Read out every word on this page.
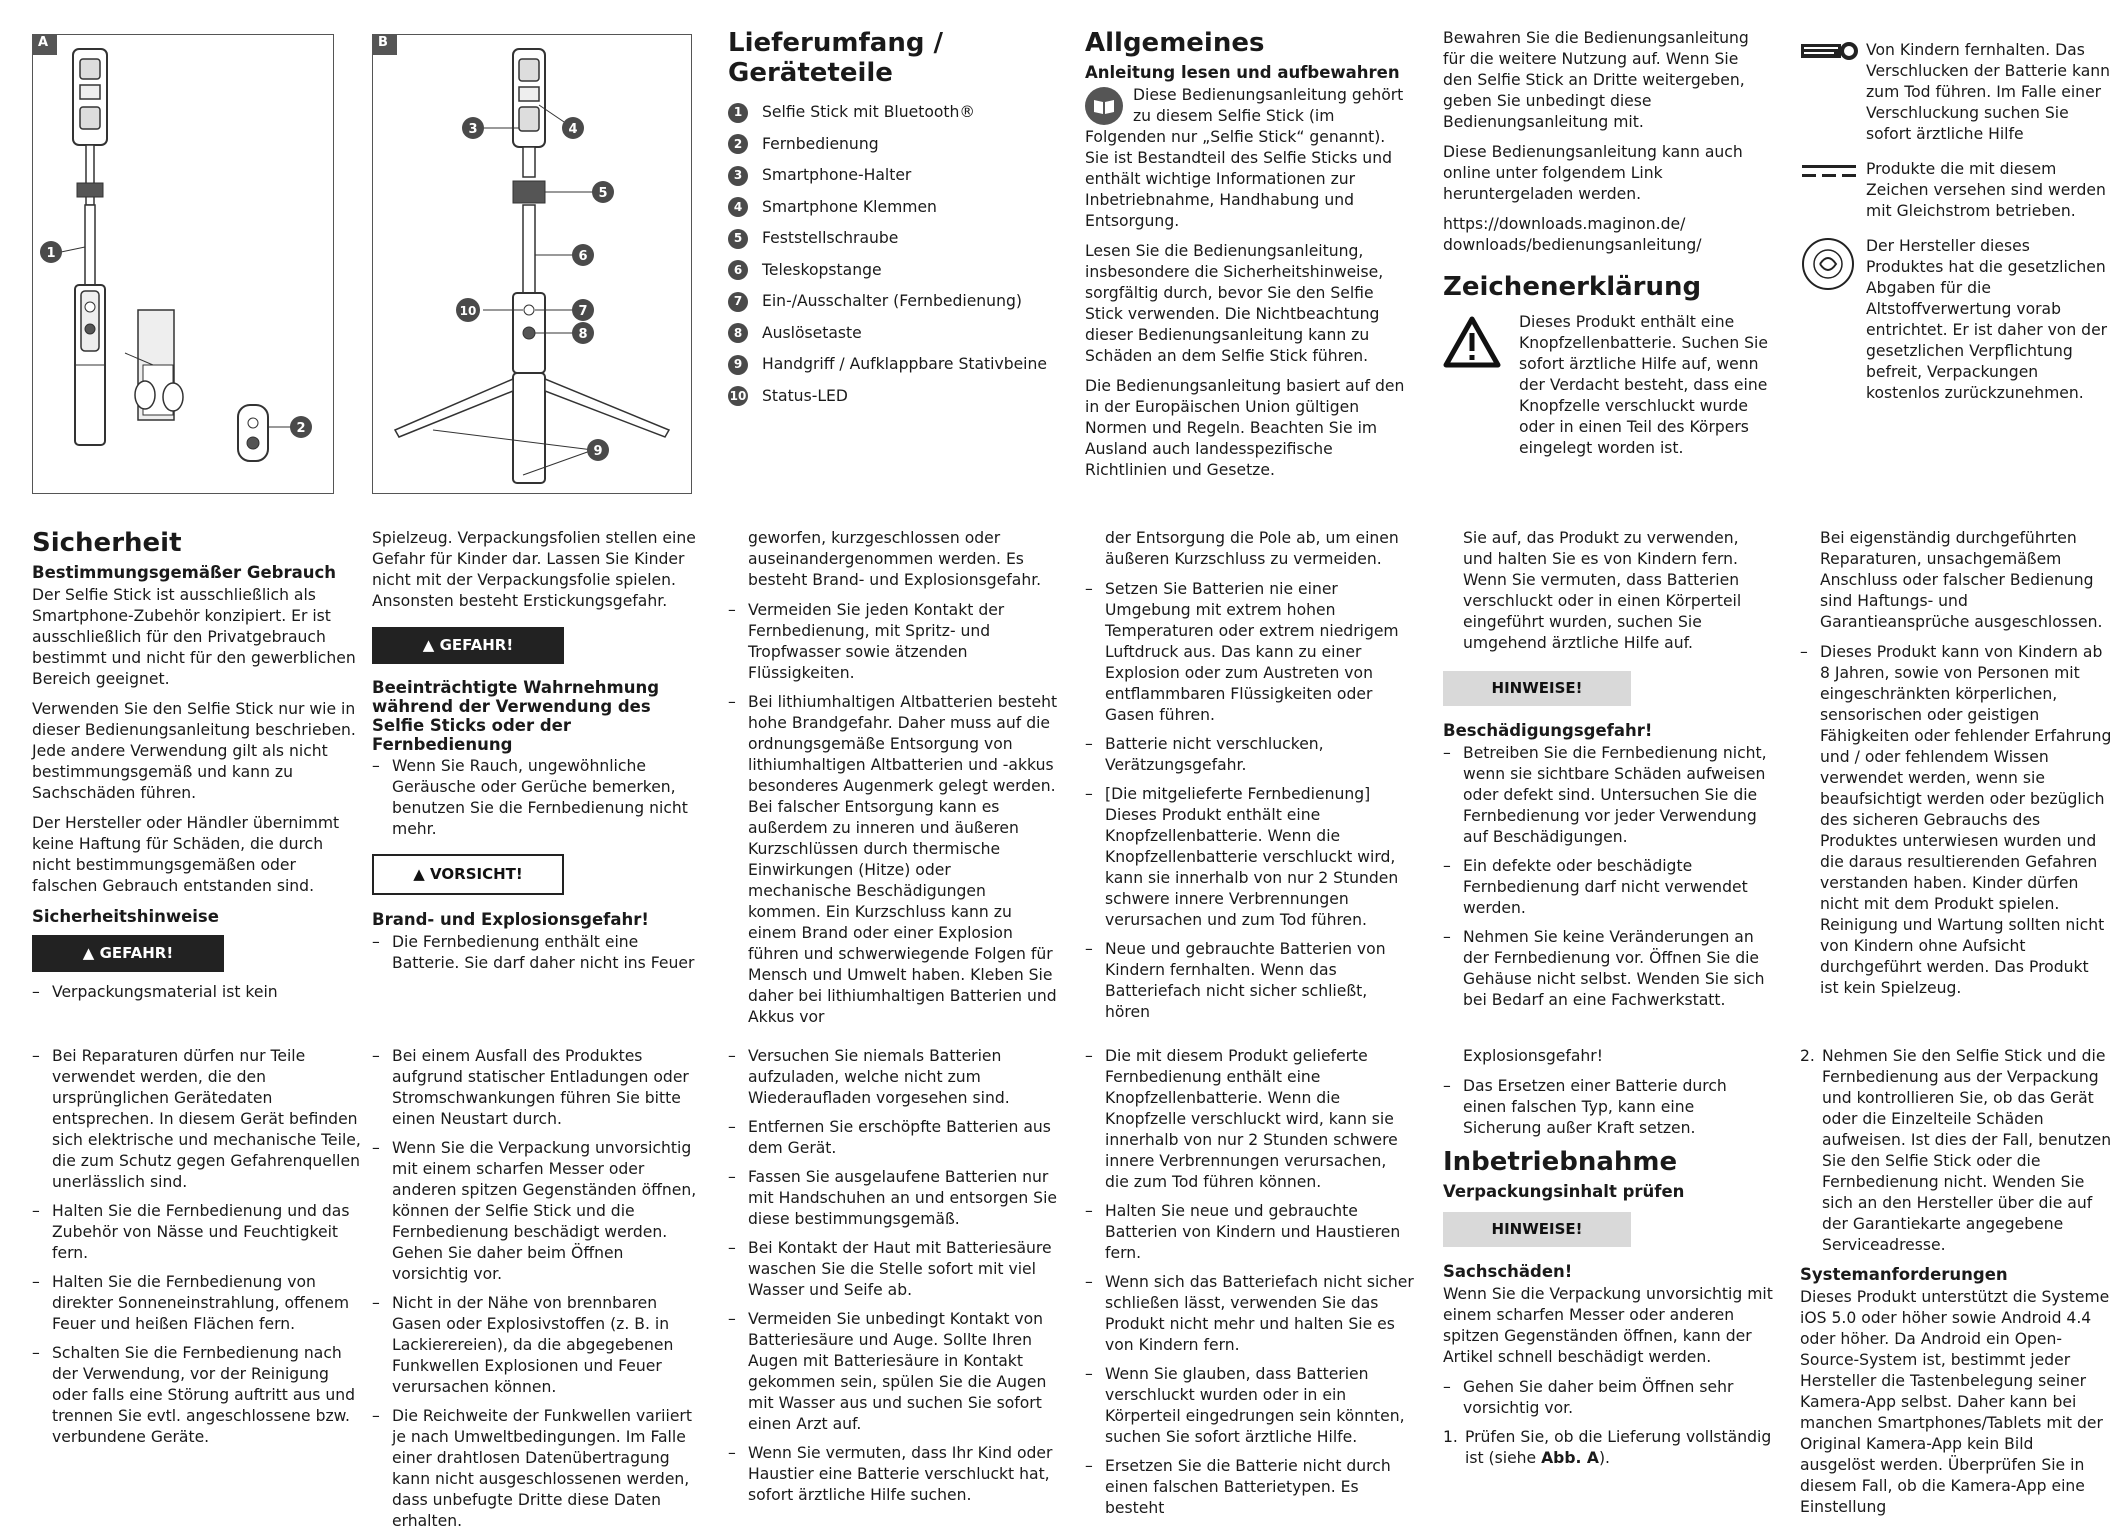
A
1
2
B
3	4
5
6
7
8
9
10
Lieferumfang / Geräteteile
1	Selfie Stick mit Bluetooth®
2	Fernbedienung
3	Smartphone-Halter
4	Smartphone Klemmen
5	Feststellschraube
6	Teleskopstange
7	Ein-/Ausschalter (Fernbedienung)
8	Auslösetaste
9	Handgriff / Aufklappbare Stativbeine
10 Status-LED
Allgemeines
Anleitung lesen und aufbewahren

Diese Bedienungsanleitung gehört zu diesem Selfie Stick (im Folgenden nur „Selfie Stick“ genannt). Sie ist Bestandteil des Selfie Sticks und enthält wichtige Informationen zur Inbetriebnahme, Handhabung und Entsorgung.

Lesen Sie die Bedienungsanleitung, insbesondere die Sicherheitshinweise, sorgfältig durch, bevor Sie den Selfie Stick verwenden. Die Nichtbeachtung dieser Bedienungsanleitung kann zu Schäden an dem Selfie Stick führen.

Die Bedienungsanleitung basiert auf den in der Europäischen Union gültigen Normen und Regeln. Beachten Sie im Ausland auch landesspezifische Richtlinien und Gesetze.

Bewahren Sie die Bedienungsanleitung für die weitere Nutzung auf. Wenn Sie den Selfie Stick an Dritte weitergeben, geben Sie unbedingt diese Bedienungsanleitung mit.

Diese Bedienungsanleitung kann auch online unter folgendem Link heruntergeladen werden.

https://downloads.maginon.de/ downloads/bedienungsanleitung/

Zeichenerklärung
Dieses Produkt enthält eine Knopfzellenbatterie. Suchen Sie sofort ärztliche Hilfe auf, wenn der Verdacht besteht, dass eine Knopfzelle verschluckt wurde oder in einen Teil des Körpers eingelegt worden ist.
Von Kindern fernhalten. Das Verschlucken der Batterie kann zum Tod führen. Im Falle einer Verschluckung suchen Sie sofort ärztliche Hilfe
Produkte die mit diesem Zeichen versehen sind werden mit Gleichstrom betrieben.
Der Hersteller dieses Produktes hat die gesetzlichen Abgaben für die Altstoffverwertung vorab entrichtet. Er ist daher von der gesetzlichen Verpflichtung befreit, Verpackungen kostenlos zurückzunehmen.
Sicherheit
Bestimmungsgemäßer Gebrauch

Der Selfie Stick ist ausschließlich als Smartphone-Zubehör konzipiert. Er ist ausschließlich für den Privatgebrauch bestimmt und nicht für den gewerblichen Bereich geeignet.

Verwenden Sie den Selfie Stick nur wie in dieser Bedienungsanleitung beschrieben. Jede andere Verwendung gilt als nicht bestimmungsgemäß und kann zu Sachschäden führen.

Der Hersteller oder Händler übernimmt keine Haftung für Schäden, die durch nicht bestimmungsgemäßen oder falschen Gebrauch entstanden sind.

Sicherheitshinweise
▲ GEFAHR!
– Verpackungsmaterial ist kein

Spielzeug. Verpackungsfolien stellen eine Gefahr für Kinder dar. Lassen Sie Kinder nicht mit der Verpackungsfolie spielen. Ansonsten besteht Erstickungsgefahr.

▲ GEFAHR!
Beeinträchtigte Wahrnehmung während der Verwendung des Selfie Sticks oder der Fernbedienung
– Wenn Sie Rauch, ungewöhnliche Geräusche oder Gerüche bemerken, benutzen Sie die Fernbedienung nicht mehr.
▲ VORSICHT!
Brand- und Explosionsgefahr!
– Die Fernbedienung enthält eine Batterie. Sie darf daher nicht ins Feuer

geworfen, kurzgeschlossen oder auseinandergenommen werden. Es besteht Brand- und Explosionsgefahr.

– Vermeiden Sie jeden Kontakt der Fernbedienung, mit Spritz- und Tropfwasser sowie ätzenden Flüssigkeiten.
– Bei lithiumhaltigen Altbatterien besteht hohe Brandgefahr. Daher muss auf die ordnungsgemäße Entsorgung von lithiumhaltigen Altbatterien und -akkus besonderes Augenmerk gelegt werden. Bei falscher Entsorgung kann es außerdem zu inneren und äußeren Kurzschlüssen durch thermische Einwirkungen (Hitze) oder mechanische Beschädigungen kommen. Ein Kurzschluss kann zu einem Brand oder einer Explosion führen und schwerwiegende Folgen für Mensch und Umwelt haben. Kleben Sie daher bei lithiumhaltigen Batterien und Akkus vor

der Entsorgung die Pole ab, um einen äußeren Kurzschluss zu vermeiden.

– Setzen Sie Batterien nie einer Umgebung mit extrem hohen Temperaturen oder extrem niedrigem Luftdruck aus. Das kann zu einer Explosion oder zum Austreten von entflammbaren Flüssigkeiten oder Gasen führen.
– Batterie nicht verschlucken, Verätzungsgefahr.
– [Die mitgelieferte Fernbedienung] Dieses Produkt enthält eine Knopfzellenbatterie. Wenn die Knopfzellenbatterie verschluckt wird, kann sie innerhalb von nur 2 Stunden schwere innere Verbrennungen verursachen und zum Tod führen.
– Neue und gebrauchte Batterien von Kindern fernhalten. Wenn das Batteriefach nicht sicher schließt, hören

Sie auf, das Produkt zu verwenden, und halten Sie es von Kindern fern. Wenn Sie vermuten, dass Batterien verschluckt oder in einen Körperteil eingeführt wurden, suchen Sie umgehend ärztliche Hilfe auf.

HINWEISE!
Beschädigungsgefahr!
– Betreiben Sie die Fernbedienung nicht, wenn sie sichtbare Schäden aufweisen oder defekt sind. Untersuchen Sie die Fernbedienung vor jeder Verwendung auf Beschädigungen.
– Ein defekte oder beschädigte Fernbedienung darf nicht verwendet werden.
– Nehmen Sie keine Veränderungen an der Fernbedienung vor. Öffnen Sie die Gehäuse nicht selbst. Wenden Sie sich bei Bedarf an eine Fachwerkstatt.

Bei eigenständig durchgeführten Reparaturen, unsachgemäßem Anschluss oder falscher Bedienung sind Haftungs- und Garantieansprüche ausgeschlossen.

– Dieses Produkt kann von Kindern ab 8 Jahren, sowie von Personen mit eingeschränkten körperlichen, sensorischen oder geistigen Fähigkeiten oder fehlender Erfahrung und / oder fehlendem Wissen verwendet werden, wenn sie beaufsichtigt werden oder bezüglich des sicheren Gebrauchs des Produktes unterwiesen wurden und die daraus resultierenden Gefahren verstanden haben. Kinder dürfen nicht mit dem Produkt spielen. Reinigung und Wartung sollten nicht von Kindern ohne Aufsicht durchgeführt werden. Das Produkt ist kein Spielzeug.
– Bei Reparaturen dürfen nur Teile verwendet werden, die den ursprünglichen Gerätedaten entsprechen. In diesem Gerät befinden sich elektrische und mechanische Teile, die zum Schutz gegen Gefahrenquellen unerlässlich sind.
– Halten Sie die Fernbedienung und das Zubehör von Nässe und Feuchtigkeit fern.
– Halten Sie die Fernbedienung von direkter Sonneneinstrahlung, offenem Feuer und heißen Flächen fern.
– Schalten Sie die Fernbedienung nach der Verwendung, vor der Reinigung oder falls eine Störung auftritt aus und trennen Sie evtl. angeschlossene bzw. verbundene Geräte.
– Bei einem Ausfall des Produktes aufgrund statischer Entladungen oder Stromschwankungen führen Sie bitte einen Neustart durch.
– Wenn Sie die Verpackung unvorsichtig mit einem scharfen Messer oder anderen spitzen Gegenständen öffnen, können der Selfie Stick und die Fernbedienung beschädigt werden. Gehen Sie daher beim Öffnen vorsichtig vor.
– Nicht in der Nähe von brennbaren Gasen oder Explosivstoffen (z. B. in Lackierereien), da die abgegebenen Funkwellen Explosionen und Feuer verursachen können.
– Die Reichweite der Funkwellen variiert je nach Umweltbedingungen. Im Falle einer drahtlosen Datenübertragung kann nicht ausgeschlossenen werden, dass unbefugte Dritte diese Daten erhalten.
– Versuchen Sie niemals Batterien aufzuladen, welche nicht zum Wiederaufladen vorgesehen sind.
– Entfernen Sie erschöpfte Batterien aus dem Gerät.
– Fassen Sie ausgelaufene Batterien nur mit Handschuhen an und entsorgen Sie diese bestimmungsgemäß.
– Bei Kontakt der Haut mit Batteriesäure waschen Sie die Stelle sofort mit viel Wasser und Seife ab.
– Vermeiden Sie unbedingt Kontakt von Batteriesäure und Auge. Sollte Ihren Augen mit Batteriesäure in Kontakt gekommen sein, spülen Sie die Augen mit Wasser aus und suchen Sie sofort einen Arzt auf.
– Wenn Sie vermuten, dass Ihr Kind oder Haustier eine Batterie verschluckt hat, sofort ärztliche Hilfe suchen.
– Die mit diesem Produkt gelieferte Fernbedienung enthält eine Knopfzellenbatterie. Wenn die Knopfzelle verschluckt wird, kann sie innerhalb von nur 2 Stunden schwere innere Verbrennungen verursachen, die zum Tod führen können.
– Halten Sie neue und gebrauchte Batterien von Kindern und Haustieren fern.
– Wenn sich das Batteriefach nicht sicher schließen lässt, verwenden Sie das Produkt nicht mehr und halten Sie es von Kindern fern.
– Wenn Sie glauben, dass Batterien verschluckt wurden oder in ein Körperteil eingedrungen sein könnten, suchen Sie sofort ärztliche Hilfe.
– Ersetzen Sie die Batterie nicht durch einen falschen Batterietypen. Es besteht

Explosionsgefahr!

– Das Ersetzen einer Batterie durch einen falschen Typ, kann eine Sicherung außer Kraft setzen.
Inbetriebnahme
Verpackungsinhalt prüfen
HINWEISE!
Sachschäden!

Wenn Sie die Verpackung unvorsichtig mit einem scharfen Messer oder anderen spitzen Gegenständen öffnen, kann der Artikel schnell beschädigt werden.

– Gehen Sie daher beim Öffnen sehr vorsichtig vor.
1. Prüfen Sie, ob die Lieferung vollständig ist (siehe Abb. A).
2. Nehmen Sie den Selfie Stick und die Fernbedienung aus der Verpackung und kontrollieren Sie, ob das Gerät oder die Einzelteile Schäden aufweisen. Ist dies der Fall, benutzen Sie den Selfie Stick oder die Fernbedienung nicht. Wenden Sie sich an den Hersteller über die auf der Garantiekarte angegebene Serviceadresse.
Systemanforderungen

Dieses Produkt unterstützt die Systeme iOS 5.0 oder höher sowie Android 4.4 oder höher. Da Android ein Open-Source-System ist, bestimmt jeder Hersteller die Tastenbelegung seiner Kamera-App selbst. Daher kann bei manchen Smartphones/Tablets mit der Original Kamera-App kein Bild ausgelöst werden. Überprüfen Sie in diesem Fall, ob die Kamera-App eine Einstellung
